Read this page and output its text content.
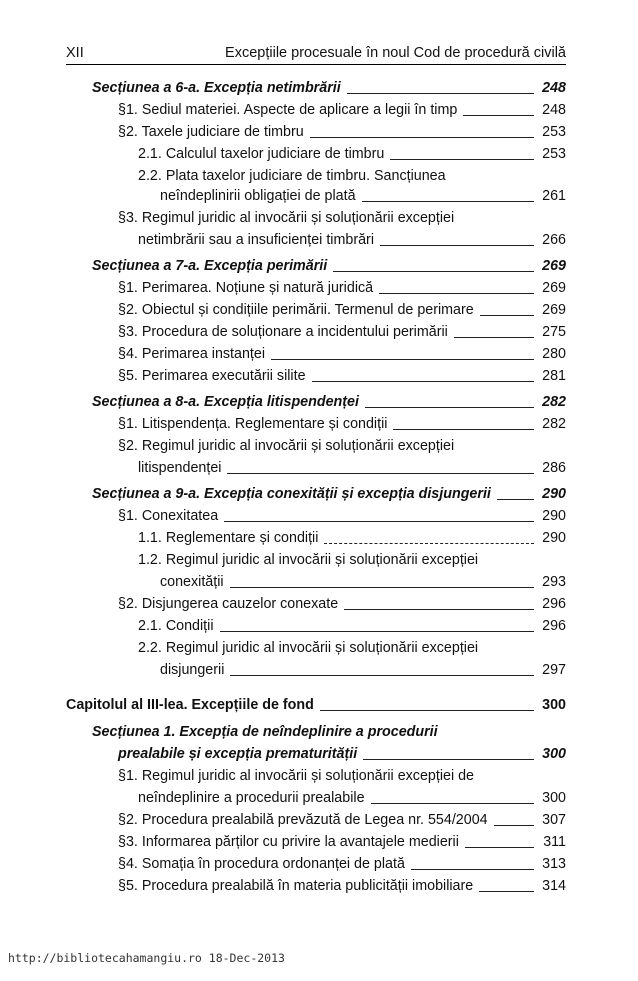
XII	Excepțiile procesuale în noul Cod de procedură civilă
Secțiunea a 6-a. Excepția netimbrării	248
§1. Sediul materiei. Aspecte de aplicare a legii în timp	248
§2. Taxele judiciare de timbru	253
2.1. Calculul taxelor judiciare de timbru	253
2.2. Plata taxelor judiciare de timbru. Sancțiunea
neîndeplinirii obligației de plată	261
§3. Regimul juridic al invocării și soluționării excepției
netimbrării sau a insuficienței timbrări	266
Secțiunea a 7-a. Excepția perimării	269
§1. Perimarea. Noțiune și natură juridică	269
§2. Obiectul și condițiile perimării. Termenul de perimare	269
§3. Procedura de soluționare a incidentului perimării	275
§4. Perimarea instanței	280
§5. Perimarea executării silite	281
Secțiunea a 8-a. Excepția litispendenței	282
§1. Litispendența. Reglementare și condiții	282
§2. Regimul juridic al invocării și soluționării excepției
litispendenței	286
Secțiunea a 9-a. Excepția conexității și excepția disjungerii	290
§1. Conexitatea	290
1.1. Reglementare și condiții	290
1.2. Regimul juridic al invocării și soluționării excepției
conexității	293
§2. Disjungerea cauzelor conexate	296
2.1. Condiții	296
2.2. Regimul juridic al invocării și soluționării excepției
disjungerii	297
Capitolul al III-lea. Excepțiile de fond	300
Secțiunea 1. Excepția de neîndeplinire a procedurii
prealabile și excepția prematurității	300
§1. Regimul juridic al invocării și soluționării excepției de
neîndeplinire a procedurii prealabile	300
§2. Procedura prealabilă prevăzută de Legea nr. 554/2004	307
§3. Informarea părților cu privire la avantajele medierii	311
§4. Somația în procedura ordonanței de plată	313
§5. Procedura prealabilă în materia publicității imobiliare	314
http://bibliotecahamangiu.ro 18-Dec-2013
